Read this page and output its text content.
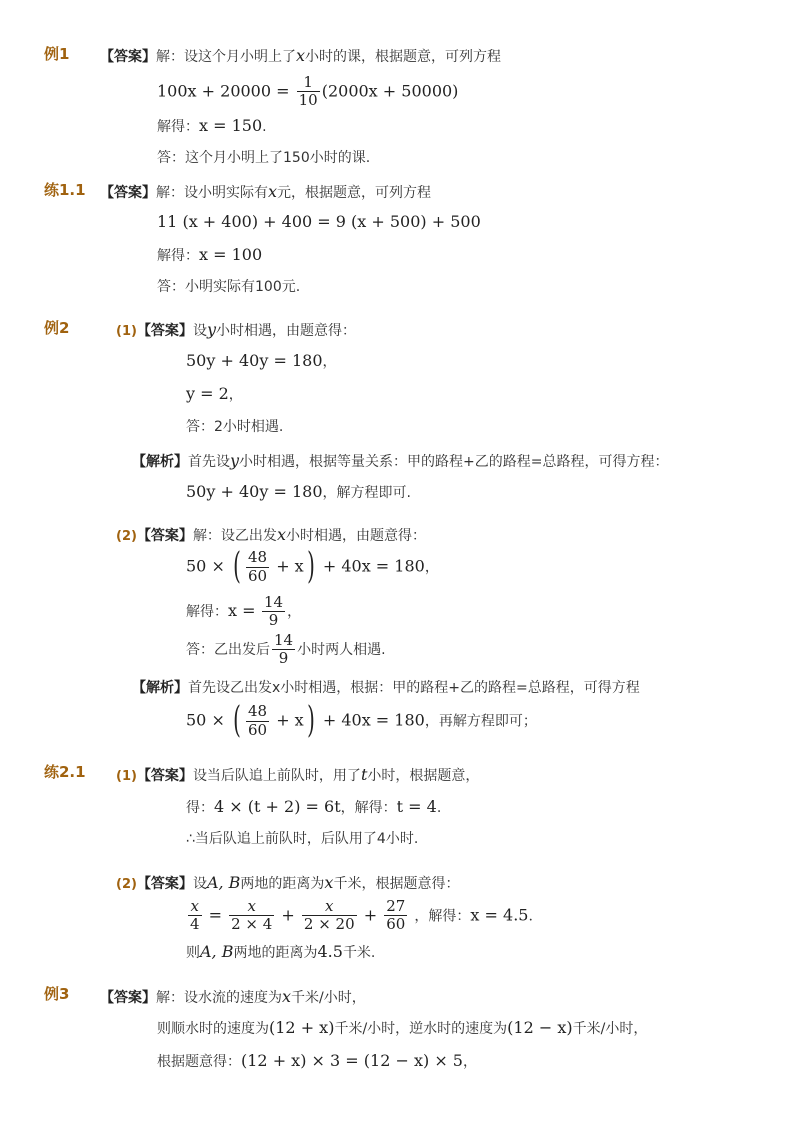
例1 【答案】解：设这个月小明上了x小时的课，根据题意，可列方程
$100x + 20000 = \frac{1}{10} (2000x + 50000)$
解得：x = 150.
答：这个月小明上了150小时的课.
练1.1 【答案】解：设小明实际有x元，根据题意，可列方程
11 (x + 400) + 400 = 9 (x + 500) + 500
解得：x = 100
答：小明实际有100元.
例2	(1)【答案】设y小时相遇，由题意得：
50y + 40y = 180，
y = 2，
答：2小时相遇.
【解析】首先设y小时相遇，根据等量关系：甲的路程+乙的路程=总路程，可得方程：
50y + 40y = 180，解方程即可.
(2)【答案】解：设乙出发x小时相遇，由题意得：
50 × ( $\frac{48}{60} + x) + 40x = 180$，
解得：$x = \frac{14}{9}$ ，
答：乙出发后 $\frac{14}{9}$ 小时两人相遇.
【解析】首先设乙出发x小时相遇，根据：甲的路程+乙的路程=总路程，可得方程
50 × ( $\frac{48}{60} + x) + 40x = 180$，再解方程即可；
练2.1 (1)【答案】设当后队追上前队时，用了t小时，根据题意，
得：4 × (t + 2) = 6t，解得：t = 4.
∴当后队追上前队时，后队用了4小时.
(2)【答案】设A, B两地的距离为x千米，根据题意得：
$\frac{x}{4} = \frac{x}{2 \times 4} + \frac{x}{2 \times 20} + \frac{27}{60}$ ，解得：x = 4.5.
则A, B两地的距离为4.5千米.
例3 【答案】解：设水流的速度为x千米/小时，
则顺水时的速度为(12 + x)千米/小时，逆水时的速度为(12 − x)千米/小时，
根据题意得：(12 + x) × 3 = (12 − x) × 5，
